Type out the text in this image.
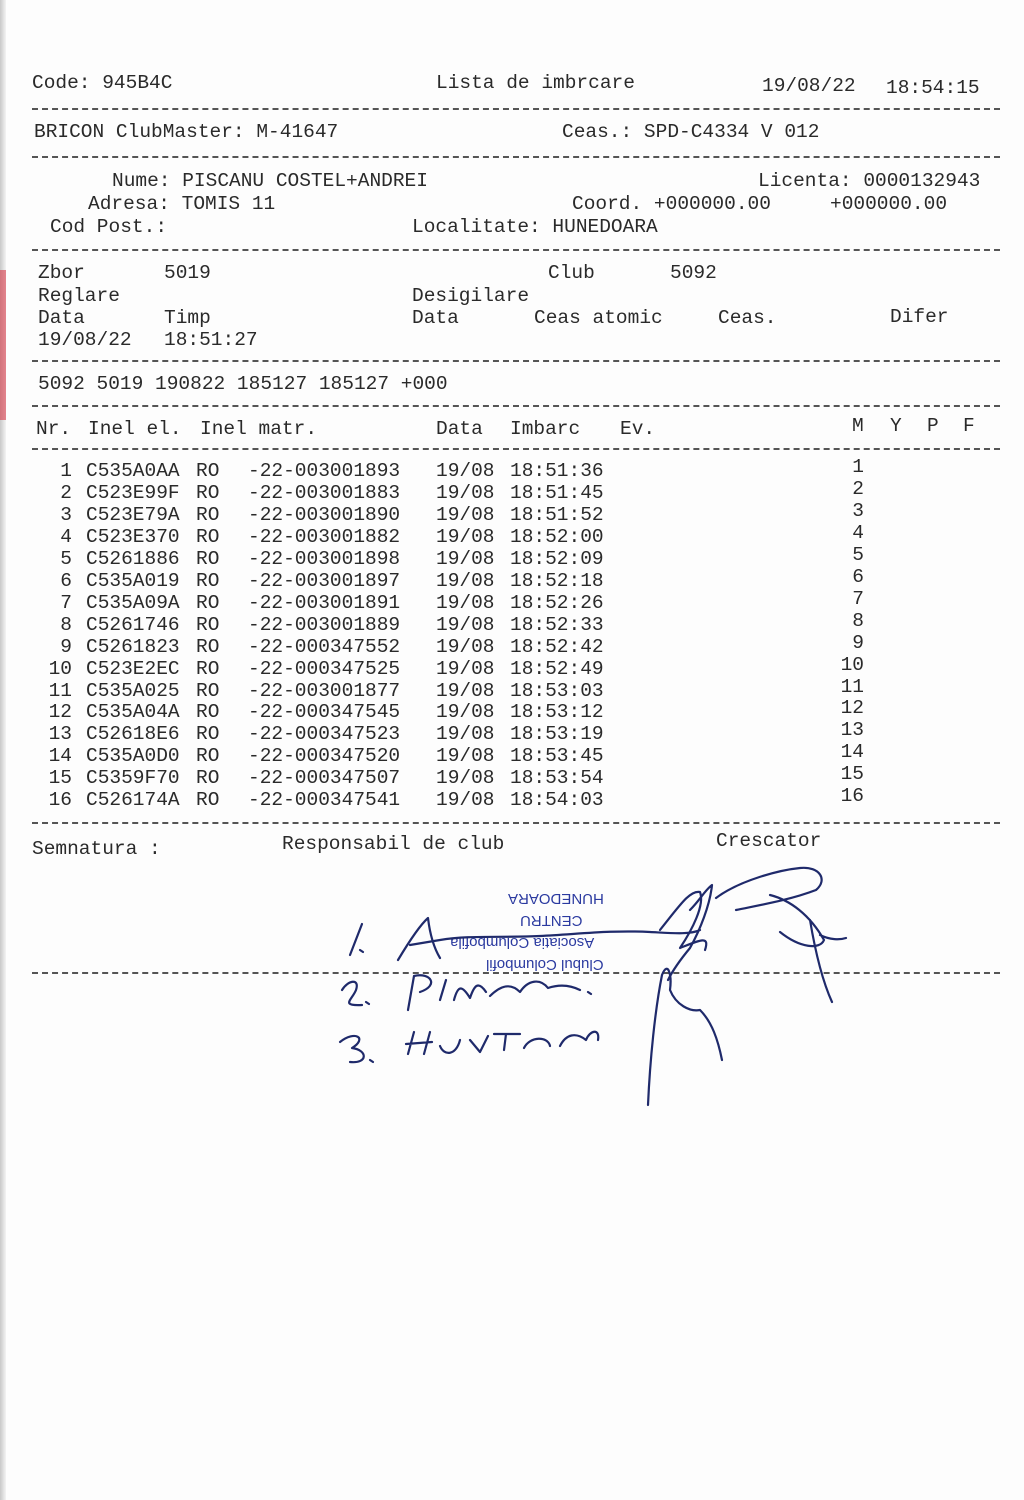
Code: 945B4C	Lista de imbrcare	19/08/22 18:54:15
BRICON ClubMaster: M-41647	Ceas.: SPD-C4334 V 012
Nume: PISCANU COSTEL+ANDREI	Licenta: 0000132943
Adresa: TOMIS 11	Coord. +000000.00	+000000.00
Cod Post.:	Localitate: HUNEDOARA
Zbor	5019	Club	5092
Reglare	Desigilare
Data	Timp	Data	Ceas atomic	Ceas.	Difer
19/08/22 18:51:27
5092 5019 190822 185127 185127 +000
Nr. Inel el. Inel matr.	Data Imbarc Ev.	M Y P F
1 C535A0AA RO -22-003001893 19/08 18:51:36	1
2 C523E99F RO -22-003001883 19/08 18:51:45	2
3 C523E79A RO -22-003001890 19/08 18:51:52	3
4 C523E370 RO -22-003001882 19/08 18:52:00	4
5 C5261886 RO -22-003001898 19/08 18:52:09	5
6 C535A019 RO -22-003001897 19/08 18:52:18	6
7 C535A09A RO -22-003001891 19/08 18:52:26	7
8 C5261746 RO -22-003001889 19/08 18:52:33	8
9 C5261823 RO -22-000347552 19/08 18:52:42	9
10 C523E2EC RO -22-000347525 19/08 18:52:49	10
11 C535A025 RO -22-003001877 19/08 18:53:03	11
12 C535A04A RO -22-000347545 19/08 18:53:12	12
13 C52618E6 RO -22-000347523 19/08 18:53:19	13
14 C535A0D0 RO -22-000347520 19/08 18:53:45	14
15 C5359F70 RO -22-000347507 19/08 18:53:54	15
16 C526174A RO -22-000347541 19/08 18:54:03	16
Semnatura :	Responsabil de club	Crescator
HUNEDOARA
CENTRU
Asociatia Columbofila
Clubul Columbofil
